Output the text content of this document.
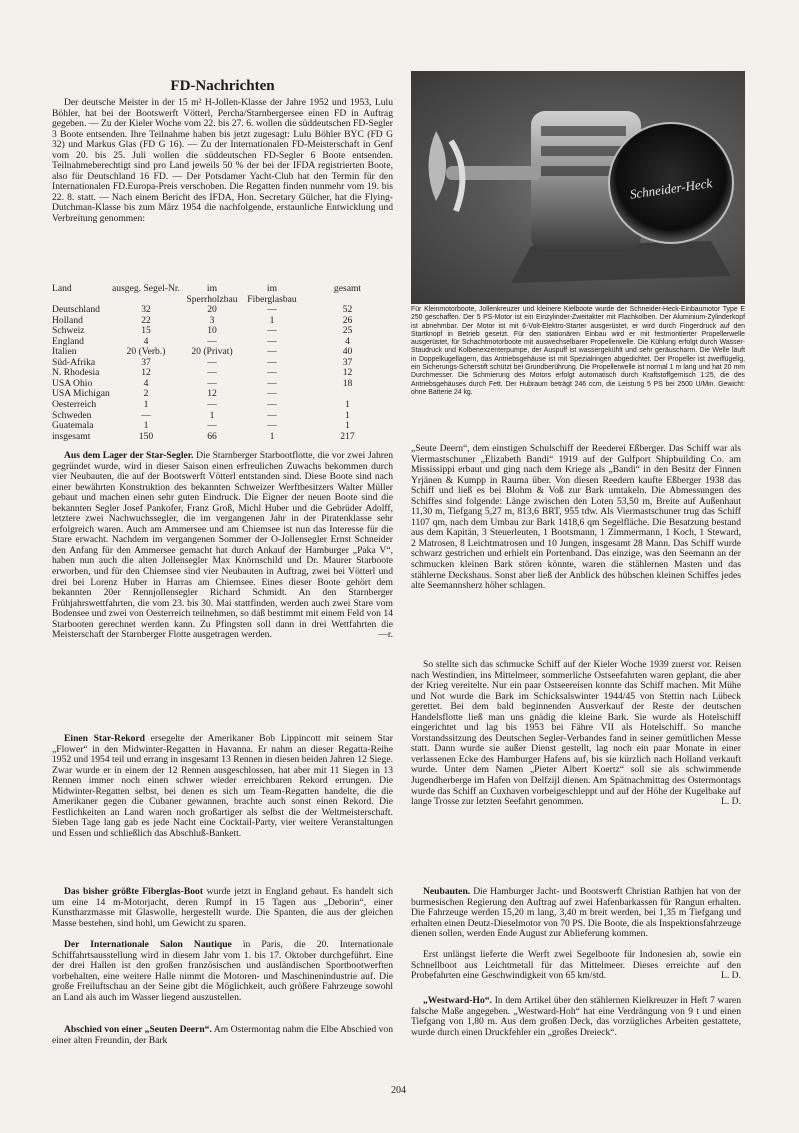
FD-Nachrichten

Der deutsche Meister in der 15 m² H-Jollen-Klasse der Jahre 1952 und 1953, Lulu Böhler, hat bei der Bootswerft Vötterl, Percha/Starnbergersee einen FD in Auftrag gegeben. — Zu der Kieler Woche vom 22. bis 27. 6. wollen die süddeutschen FD-Segler 3 Boote entsenden. Ihre Teilnahme haben bis jetzt zugesagt: Lulu Böhler BYC (FD G 32) und Markus Glas (FD G 16). — Zu der Internationalen FD-Meisterschaft in Genf vom 20. bis 25. Juli wollen die süddeutschen FD-Segler 6 Boote entsenden. Teilnahmeberechtigt sind pro Land jeweils 50 % der bei der IFDA registrierten Boote, also für Deutschland 16 FD. — Der Potsdamer Yacht-Club hat den Termin für den Internationalen FD.Europa-Preis verschoben. Die Regatten finden nunmehr vom 19. bis 22. 8. statt. — Nach einem Bericht des IFDA, Hon. Secretary Gülcher, hat die Flying-Dutchman-Klasse bis zum März 1954 die nachfolgende, erstaunliche Entwicklung und Verbreitung genommen:

Land	ausgeg. Segel-Nr.	im Sperrholzbau	im Fiberglasbau	gesamt
Deutschland	32	20	—	52
Holland	22	3	1	26
Schweiz	15	10	—	25
England	4	—	—	4
Italien	20 (Verb.)	20 (Privat)	—	40
Süd-Afrika	37	—	—	37
N. Rhodesia	12	—	—	12
USA Ohio	4	—	—	18
USA Michigan	2	12	—	
Oesterreich	1	—	—	1
Schweden	—	1	—	1
Guatemala	1	—	—	1
insgesamt	150	66	1	217

Aus dem Lager der Star-Segler. Die Starnberger Starbootflotte, die vor zwei Jahren gegründet wurde, wird in dieser Saison einen erfreulichen Zuwachs bekommen durch vier Neubauten, die auf der Bootswerft Vötterl entstanden sind. Diese Boote sind nach einer bewährten Konstruktion des bekannten Schweizer Werftbesitzers Walter Müller gebaut und machen einen sehr guten Eindruck. Die Eigner der neuen Boote sind die bekannten Segler Josef Pankofer, Franz Groß, Michl Huber und die Gebrüder Adolff, letztere zwei Nachwuchssegler, die im vergangenen Jahr in der Piratenklasse sehr erfolgreich waren. Auch am Ammersee und am Chiemsee ist nun das Interesse für die Stare erwacht. Nachdem im vergangenen Sommer der O-Jollensegler Ernst Schneider den Anfang für den Ammersee gemacht hat durch Ankauf der Hamburger „Paka V“, haben nun auch die alten Jollensegler Max Knörnschild und Dr. Maurer Starboote erworben, und für den Chiemsee sind vier Neubauten in Auftrag, zwei bei Vötterl und drei bei Lorenz Huber in Harras am Chiemsee. Eines dieser Boote gehört dem bekannten 20er Rennjollensegler Richard Schmidt. An den Starnberger Frühjahrswettfahrten, die vom 23. bis 30. Mai stattfinden, werden auch zwei Stare vom Bodensee und zwei von Oesterreich teilnehmen, so daß bestimmt mit einem Feld von 14 Starbooten gerechnet werden kann. Zu Pfingsten soll dann in drei Wettfahrten die Meisterschaft der Starnberger Flotte ausgetragen werden.	—r.

Einen Star-Rekord ersegelte der Amerikaner Bob Lippincott mit seinem Star „Flower“ in den Midwinter-Regatten in Havanna. Er nahm an dieser Regatta-Reihe 1952 und 1954 teil und errang in insgesamt 13 Rennen in diesen beiden Jahren 12 Siege. Zwar wurde er in einem der 12 Rennen ausgeschlossen, hat aber mit 11 Siegen in 13 Rennen immer noch einen schwer wieder erreichbaren Rekord errungen. Die Midwinter-Regatten selbst, bei denen es sich um Team-Regatten handelte, die die Amerikaner gegen die Cubaner gewannen, brachte auch sonst einen Rekord. Die Festlichkeiten an Land waren noch großartiger als selbst die der Weltmeisterschaft. Sieben Tage lang gab es jede Nacht eine Cocktail-Party, vier weitere Veranstaltungen und Essen und schließlich das Abschluß-Bankett.

Das bisher größte Fiberglas-Boot wurde jetzt in England gebaut. Es handelt sich um eine 14 m-Motorjacht, deren Rumpf in 15 Tagen aus „Deborin“, einer Kunstharzmasse mit Glaswolle, hergestellt wurde. Die Spanten, die aus der gleichen Masse bestehen, sind hohl, um Gewicht zu sparen.

Der Internationale Salon Nautique in Paris, die 20. Internationale Schiffahrtsausstellung wird in diesem Jahr vom 1. bis 17. Oktober durchgeführt. Eine der drei Hallen ist den großen französischen und ausländischen Sportbootwerften vorbehalten, eine weitere Halle nimmt die Motoren- und Maschinenindustrie auf. Die große Freiluftschau an der Seine gibt die Möglichkeit, auch größere Fahrzeuge sowohl an Land als auch im Wasser liegend auszustellen.

Abschied von einer „Seuten Deern“. Am Ostermontag nahm die Elbe Abschied von einer alten Freundin, der Bark

Schneider-Heck

Für Kleinmotorboote, Jollenkreuzer und kleinere Kielboote wurde der Schneider-Heck-Einbaumotor Type E 250 geschaffen. Der 5 PS-Motor ist ein Einzylinder-Zweitakter mit Flachkolben. Der Aluminium-Zylinderkopf ist abnehmbar. Der Motor ist mit 6-Volt-Elektro-Starter ausgerüstet, er wird durch Fingerdruck auf den Startknopf in Betrieb gesetzt. Für den stationären Einbau wird er mit festmontierter Propellerwelle ausgerüstet, für Schachtmotorboote mit auswechselbarer Propellerwelle. Die Kühlung erfolgt durch Wasser-Staudruck und Kolbenexzenterpumpe, der Auspuff ist wassergekühlt und sehr geräuscharm. Die Welle läuft in Doppelkugellagern, das Antriebsgehäuse ist mit Spezialringen abgedichtet. Der Propeller ist zweiflügelig, ein Sicherungs-Scherstift schützt bei Grundberührung. Die Propellerwelle ist normal 1 m lang und hat 20 mm Durchmesser. Die Schmierung des Motors erfolgt automatisch durch Kraftstoffgemisch 1:25, die des Antriebsgehäuses durch Fett. Der Hubraum beträgt 246 ccm, die Leistung 5 PS bei 2500 U/Min. Gewicht: ohne Batterie 24 kg.

„Seute Deern“, dem einstigen Schulschiff der Reederei Eßberger. Das Schiff war als Viermastschuner „Elizabeth Bandi“ 1919 auf der Gulfport Shipbuilding Co. am Mississippi erbaut und ging nach dem Kriege als „Bandi“ in den Besitz der Finnen Yrjänen & Kumpp in Rauma über. Von diesen Reedern kaufte Eßberger 1938 das Schiff und ließ es bei Blohm & Voß zur Bark umtakeln. Die Abmessungen des Schiffes sind folgende: Länge zwischen den Loten 53,50 m, Breite auf Außenhaut 11,30 m, Tiefgang 5,27 m, 813,6 BRT, 955 tdw. Als Viermastschuner trug das Schiff 1107 qm, nach dem Umbau zur Bark 1418,6 qm Segelfläche. Die Besatzung bestand aus dem Kapitän, 3 Steuerleuten, 1 Bootsmann, 1 Zimmermann, 1 Koch, 1 Steward, 2 Matrosen, 8 Leichtmatrosen und 10 Jungen, insgesamt 28 Mann. Das Schiff wurde schwarz gestrichen und erhielt ein Portenband. Das einzige, was den Seemann an der schmucken kleinen Bark stören könnte, waren die stählernen Masten und das stählerne Deckshaus. Sonst aber ließ der Anblick des hübschen kleinen Schiffes jedes alte Seemannsherz höher schlagen.

So stellte sich das schmucke Schiff auf der Kieler Woche 1939 zuerst vor. Reisen nach Westindien, ins Mittelmeer, sommerliche Ostseefahrten waren geplant, die aber der Krieg vereitelte. Nur ein paar Ostseereisen konnte das Schiff machen. Mit Mühe und Not wurde die Bark im Schicksalswinter 1944/45 von Stettin nach Lübeck gerettet. Bei dem bald beginnenden Ausverkauf der Reste der deutschen Handelsflotte ließ man uns gnädig die kleine Bark. Sie wurde als Hotelschiff eingerichtet und lag bis 1953 bei Fähre VII als Hotelschiff. So manche Vorstandssitzung des Deutschen Segler-Verbandes fand in seiner gemütlichen Messe statt. Dann wurde sie außer Dienst gestellt, lag noch ein paar Monate in einer verlassenen Ecke des Hamburger Hafens auf, bis sie kürzlich nach Holland verkauft wurde. Unter dem Namen „Pieter Albert Koertz“ soll sie als schwimmende Jugendherberge im Hafen von Delfzijl dienen. Am Spätnachmittag des Ostermontags wurde das Schiff an Cuxhaven vorbeigeschleppt und auf der Höhe der Kugelbake auf lange Trosse zur letzten Seefahrt genommen.	L. D.

Neubauten. Die Hamburger Jacht- und Bootswerft Christian Rathjen hat von der burmesischen Regierung den Auftrag auf zwei Hafenbarkassen für Rangun erhalten. Die Fahrzeuge werden 15,20 m lang, 3,40 m breit werden, bei 1,35 m Tiefgang und erhalten einen Deutz-Dieselmotor von 70 PS. Die Boote, die als Inspektionsfahrzeuge dienen sollen, werden Ende August zur Ablieferung kommen.

Erst unlängst lieferte die Werft zwei Segelboote für Indonesien ab, sowie ein Schnellboot aus Leichtmetall für das Mittelmeer. Dieses erreichte auf den Probefahrten eine Geschwindigkeit von 65 km/std.	L. D.

„Westward-Ho“. In dem Artikel über den stählernen Kielkreuzer in Heft 7 waren falsche Maße angegeben. „Westward-Hoh“ hat eine Verdrängung von 9 t und einen Tiefgang von 1,80 m. Aus dem großen Deck, das vorzügliches Arbeiten gestattete, wurde durch einen Druckfehler ein „großes Dreieck“.

204
